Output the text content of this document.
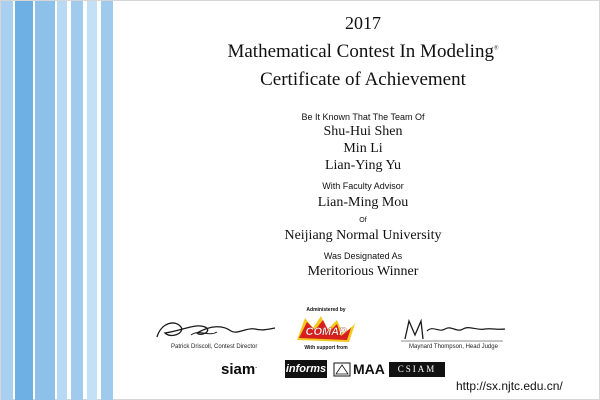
2017
Mathematical Contest In Modeling®
Certificate of Achievement
Be It Known That The Team Of
Shu-Hui Shen
Min Li
Lian-Ying Yu
With Faculty Advisor
Lian-Ming Mou
Of
Neijiang Normal University
Was Designated As
Meritorious Winner
Patrick Driscoll, Contest Director
Administered by
COMAP
With support from	Maynard Thompson, Head Judge
siam.	informs MAA	CSIAM
http://sx.njtc.edu.cn/
